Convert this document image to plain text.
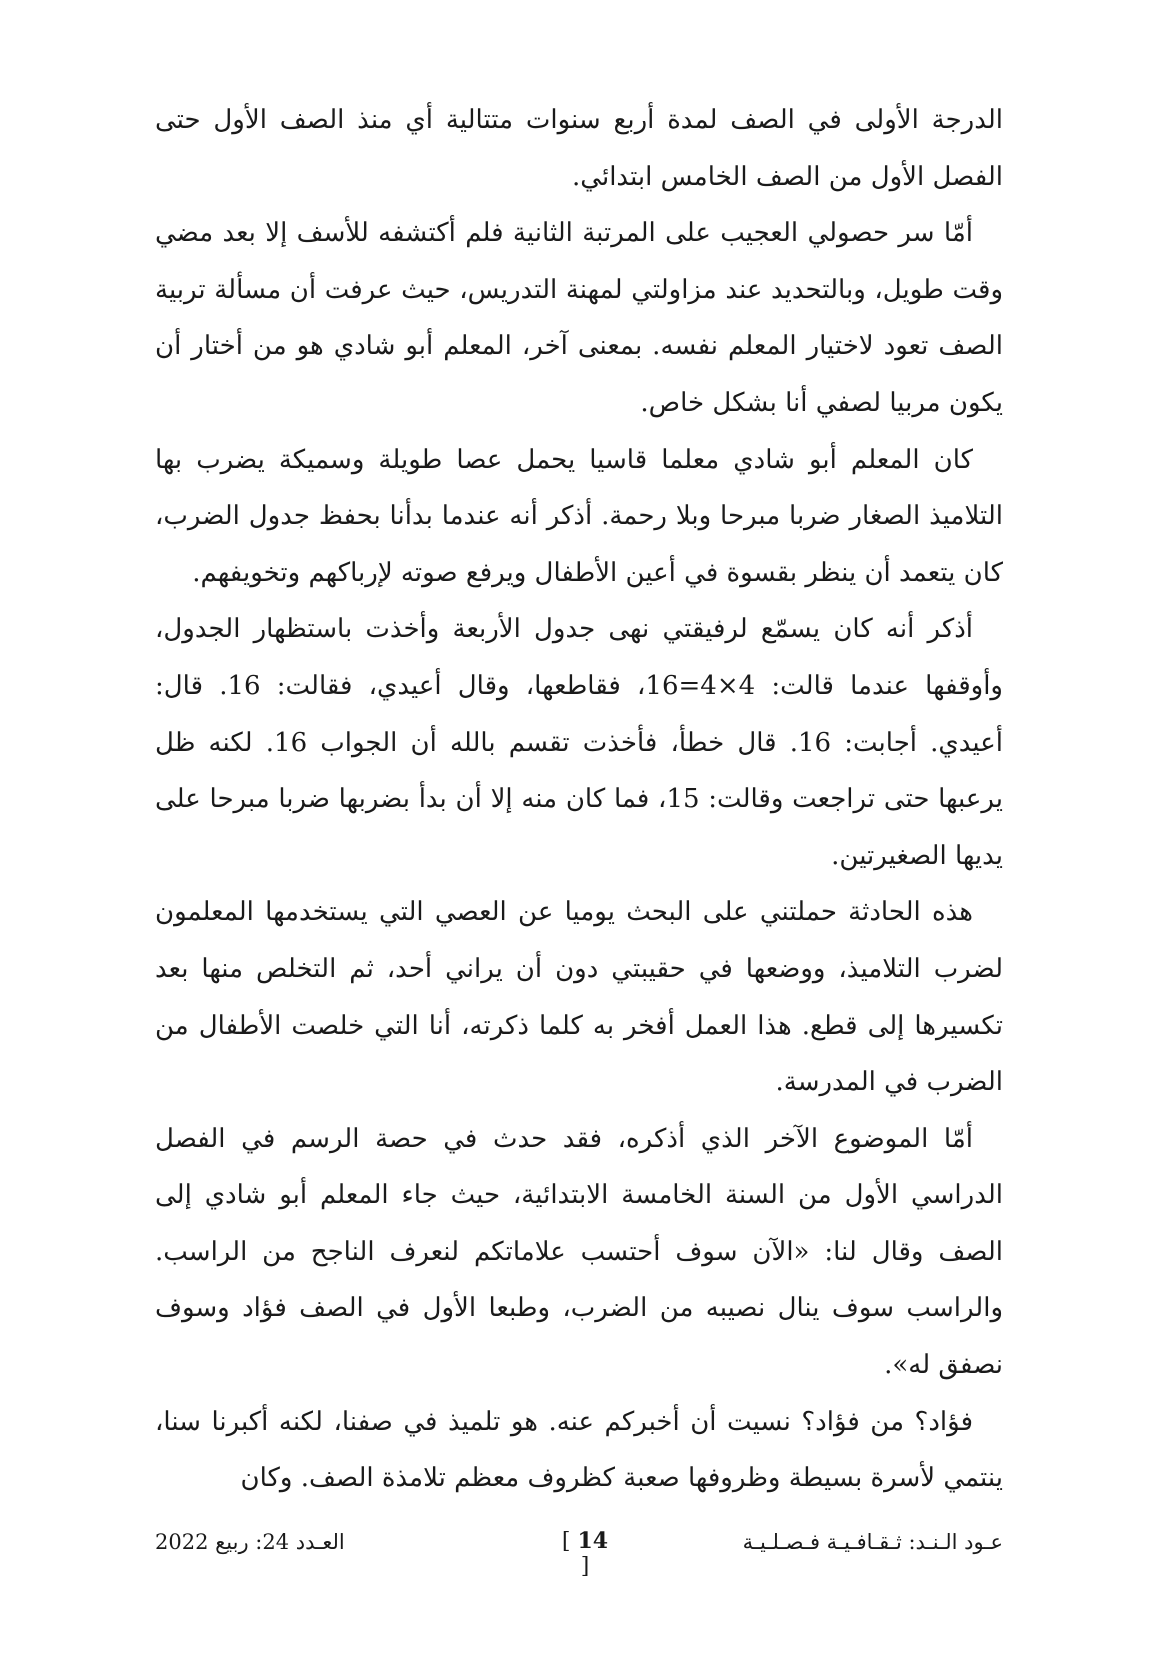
الدرجة الأولى في الصف لمدة أربع سنوات متتالية أي منذ الصف الأول حتى الفصل الأول من الصف الخامس ابتدائي.

أمّا سر حصولي العجيب على المرتبة الثانية فلم أكتشفه للأسف إلا بعد مضي وقت طويل، وبالتحديد عند مزاولتي لمهنة التدريس، حيث عرفت أن مسألة تربية الصف تعود لاختيار المعلم نفسه. بمعنى آخر، المعلم أبو شادي هو من أختار أن يكون مربيا لصفي أنا بشكل خاص.

كان المعلم أبو شادي معلما قاسيا يحمل عصا طويلة وسميكة يضرب بها التلاميذ الصغار ضربا مبرحا وبلا رحمة. أذكر أنه عندما بدأنا بحفظ جدول الضرب، كان يتعمد أن ينظر بقسوة في أعين الأطفال ويرفع صوته لإرباكهم وتخويفهم.

أذكر أنه كان يسمّع لرفيقتي نهى جدول الأربعة وأخذت باستظهار الجدول، وأوقفها عندما قالت: 4×4=16، فقاطعها، وقال أعيدي، فقالت: 16. قال: أعيدي. أجابت: 16. قال خطأ، فأخذت تقسم بالله أن الجواب 16. لكنه ظل يرعبها حتى تراجعت وقالت: 15، فما كان منه إلا أن بدأ بضربها ضربا مبرحا على يديها الصغيرتين.

هذه الحادثة حملتني على البحث يوميا عن العصي التي يستخدمها المعلمون لضرب التلاميذ، ووضعها في حقيبتي دون أن يراني أحد، ثم التخلص منها بعد تكسيرها إلى قطع. هذا العمل أفخر به كلما ذكرته، أنا التي خلصت الأطفال من الضرب في المدرسة.

أمّا الموضوع الآخر الذي أذكره، فقد حدث في حصة الرسم في الفصل الدراسي الأول من السنة الخامسة الابتدائية، حيث جاء المعلم أبو شادي إلى الصف وقال لنا: «الآن سوف أحتسب علاماتكم لنعرف الناجح من الراسب. والراسب سوف ينال نصيبه من الضرب، وطبعا الأول في الصف فؤاد وسوف نصفق له».

فؤاد؟ من فؤاد؟ نسيت أن أخبركم عنه. هو تلميذ في صفنا، لكنه أكبرنا سنا، ينتمي لأسرة بسيطة وظروفها صعبة كظروف معظم تلامذة الصف. وكان

عـود الـنـد: ثـقـافـيـة فـصـلـيـة
[ 14 ]
العـدد 24: ربيع 2022
